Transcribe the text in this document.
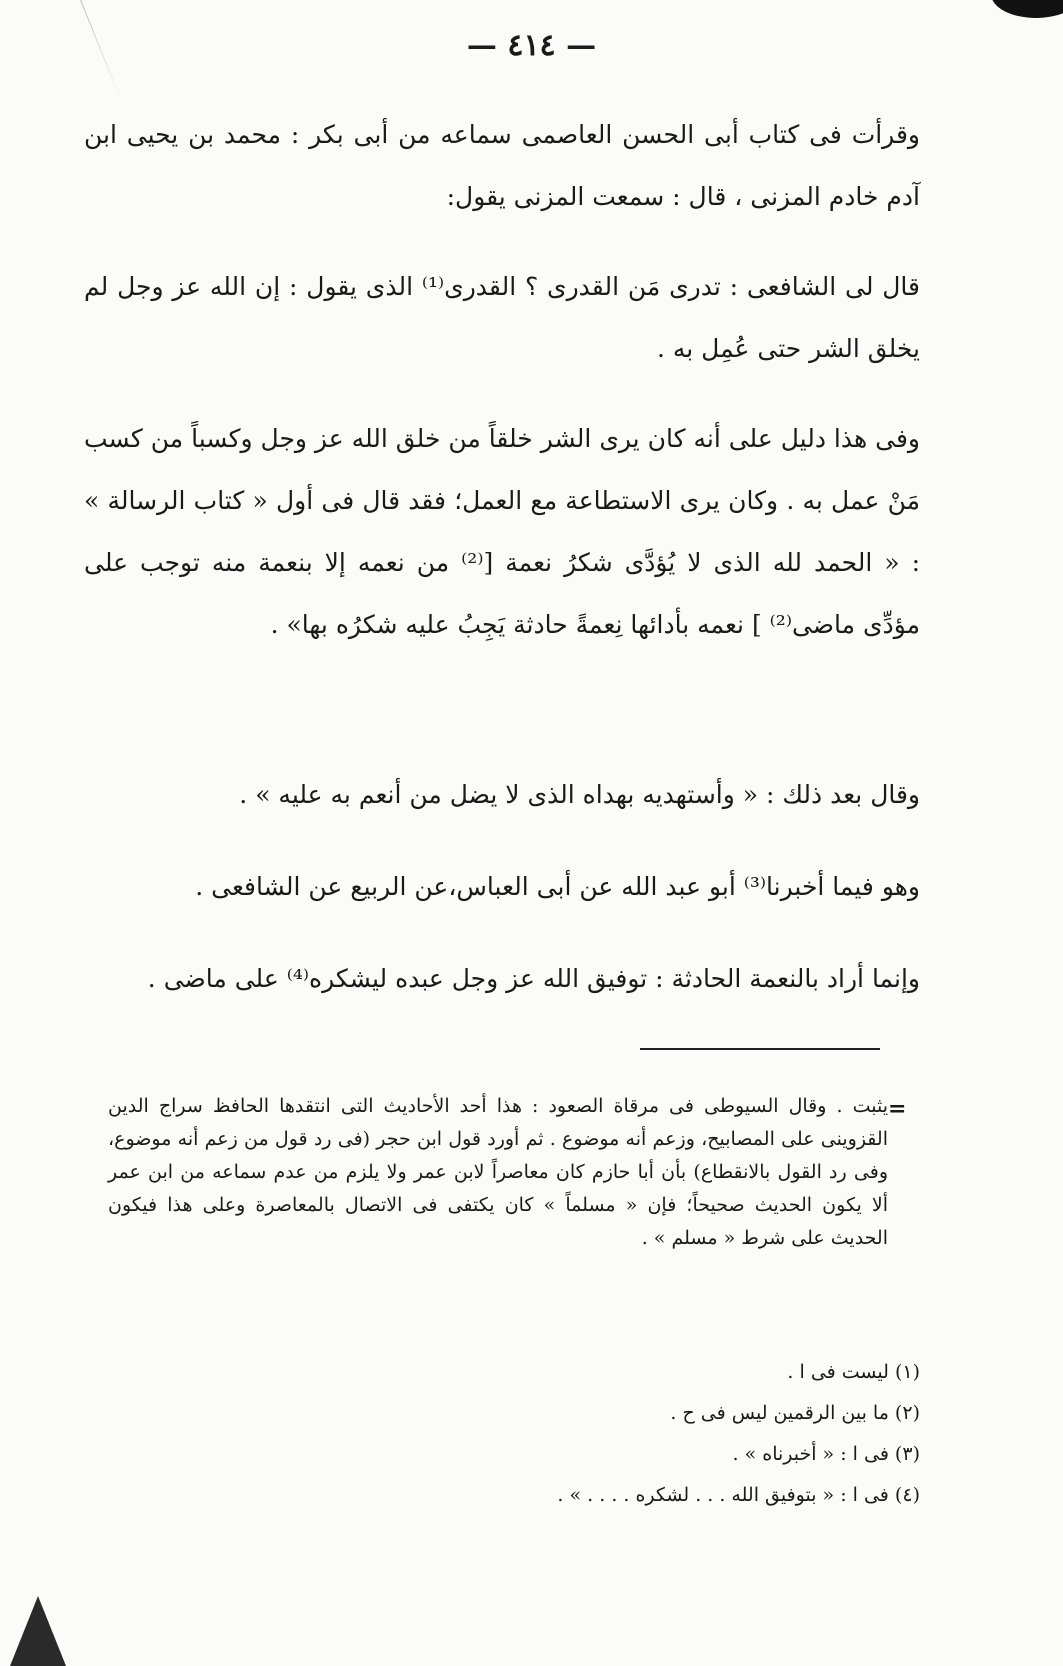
— ٤١٤ —

وقرأت فى كتاب أبى الحسن العاصمى سماعه من أبى بكر : محمد بن يحيى ابن آدم خادم المزنى ، قال : سمعت المزنى يقول:

قال لى الشافعى : تدرى مَن القدرى ؟ القدرى⁽¹⁾ الذى يقول : إن الله عز وجل لم يخلق الشر حتى عُمِل به .

وفى هذا دليل على أنه كان يرى الشر خلقاً من خلق الله عز وجل وكسباً من كسب مَنْ عمل به . وكان يرى الاستطاعة مع العمل؛ فقد قال فى أول « كتاب الرسالة » : « الحمد لله الذى لا يُؤدَّى شكرُ نعمة [⁽²⁾ من نعمه إلا بنعمة منه توجب على مؤدِّى ماضى⁽²⁾ ] نعمه بأدائها نِعمةً حادثة يَجِبُ عليه شكرُه بها» .

وقال بعد ذلك : « وأستهديه بهداه الذى لا يضل من أنعم به عليه » .

وهو فيما أخبرنا⁽³⁾ أبو عبد الله عن أبى العباس،عن الربيع عن الشافعى .

وإنما أراد بالنعمة الحادثة : توفيق الله عز وجل عبده ليشكره⁽⁴⁾ على ماضى .

=

يثبت . وقال السيوطى فى مرقاة الصعود : هذا أحد الأحاديث التى انتقدها الحافظ سراج الدين القزوينى على المصابيح، وزعم أنه موضوع . ثم أورد قول ابن حجر (فى رد قول من زعم أنه موضوع، وفى رد القول بالانقطاع) بأن أبا حازم كان معاصراً لابن عمر ولا يلزم من عدم سماعه من ابن عمر ألا يكون الحديث صحيحاً؛ فإن « مسلماً » كان يكتفى فى الاتصال بالمعاصرة وعلى هذا فيكون الحديث على شرط « مسلم » .

(١) ليست فى ا .
(٢) ما بين الرقمين ليس فى ح .
(٣) فى ا : « أخبرناه » .
(٤) فى ا : « بتوفيق الله . . . لشكره . . . . » .
